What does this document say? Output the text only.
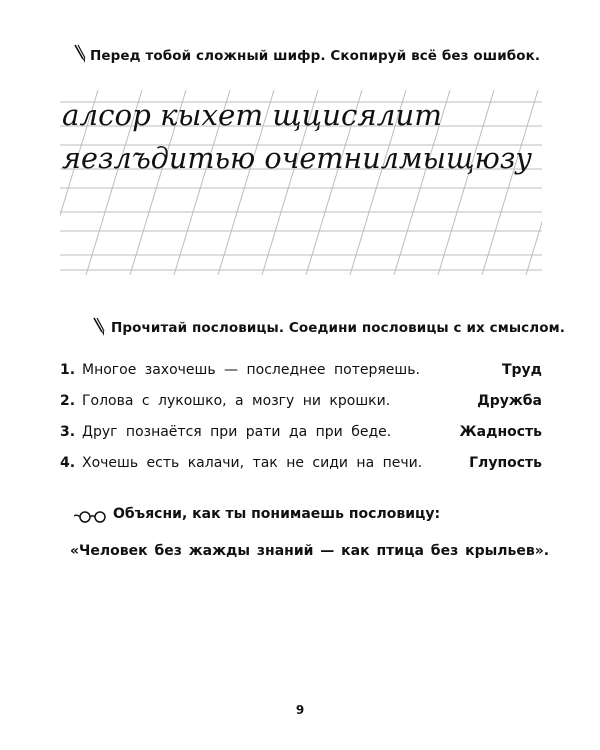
Перед тобой сложный шифр. Скопируй всё без ошибок.
алсор кыхет щцисялит
яезлъдитью очетнилмыщюзу
Прочитай пословицы. Соедини пословицы с их смыслом.
1. Многое захочешь — последнее потеряешь.	Труд
2. Голова с лукошко, а мозгу ни крошки.	Дружба
3. Друг познаётся при рати да при беде.	Жадность
4. Хочешь есть калачи, так не сиди на печи.	Глупость
Объясни, как ты понимаешь пословицу:
«Человек без жажды знаний — как птица без крыльев».
9
